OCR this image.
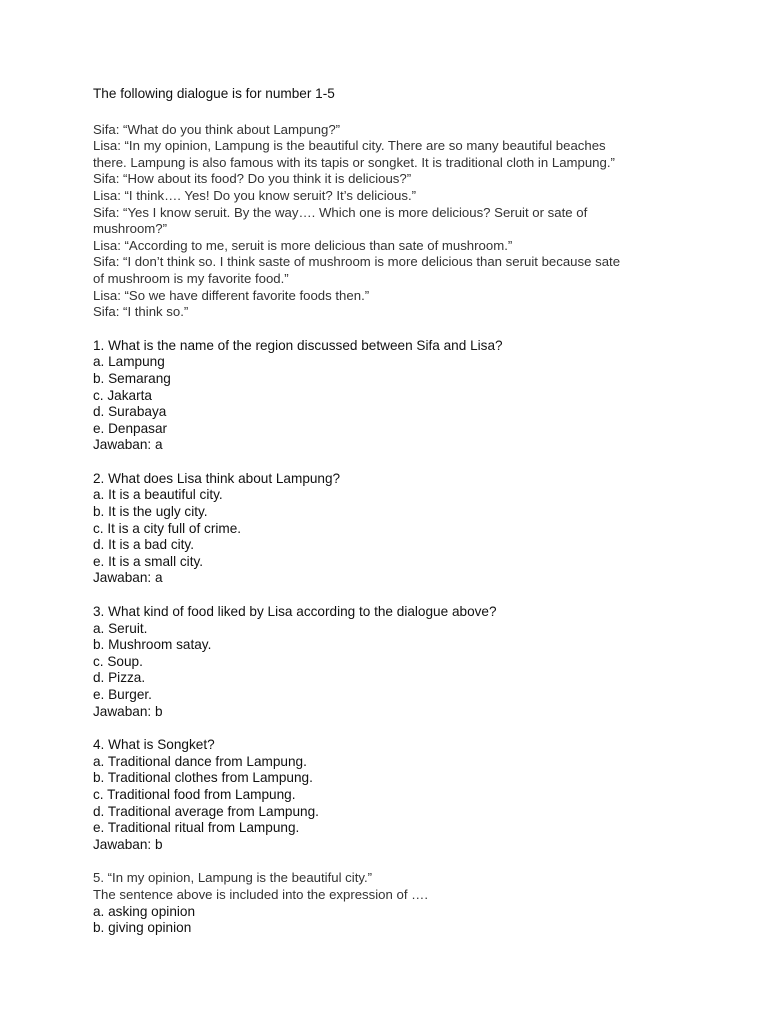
The following dialogue is for number 1-5
Sifa: “What do you think about Lampung?”
Lisa: “In my opinion, Lampung is the beautiful city. There are so many beautiful beaches
there. Lampung is also famous with its tapis or songket. It is traditional cloth in Lampung.”
Sifa: “How about its food? Do you think it is delicious?”
Lisa: “I think…. Yes! Do you know seruit? It’s delicious.”
Sifa: “Yes I know seruit. By the way…. Which one is more delicious? Seruit or sate of
mushroom?”
Lisa: “According to me, seruit is more delicious than sate of mushroom.”
Sifa: “I don’t think so. I think saste of mushroom is more delicious than seruit because sate
of mushroom is my favorite food.”
Lisa: “So we have different favorite foods then.”
Sifa: “I think so.”
1. What is the name of the region discussed between Sifa and Lisa?
a. Lampung
b. Semarang
c. Jakarta
d. Surabaya
e. Denpasar
Jawaban: a
2. What does Lisa think about Lampung?
a. It is a beautiful city.
b. It is the ugly city.
c. It is a city full of crime.
d. It is a bad city.
e. It is a small city.
Jawaban: a
3. What kind of food liked by Lisa according to the dialogue above?
a. Seruit.
b. Mushroom satay.
c. Soup.
d. Pizza.
e. Burger.
Jawaban: b
4. What is Songket?
a. Traditional dance from Lampung.
b. Traditional clothes from Lampung.
c. Traditional food from Lampung.
d. Traditional average from Lampung.
e. Traditional ritual from Lampung.
Jawaban: b
5. “In my opinion, Lampung is the beautiful city.”
The sentence above is included into the expression of ….
a. asking opinion
b. giving opinion
